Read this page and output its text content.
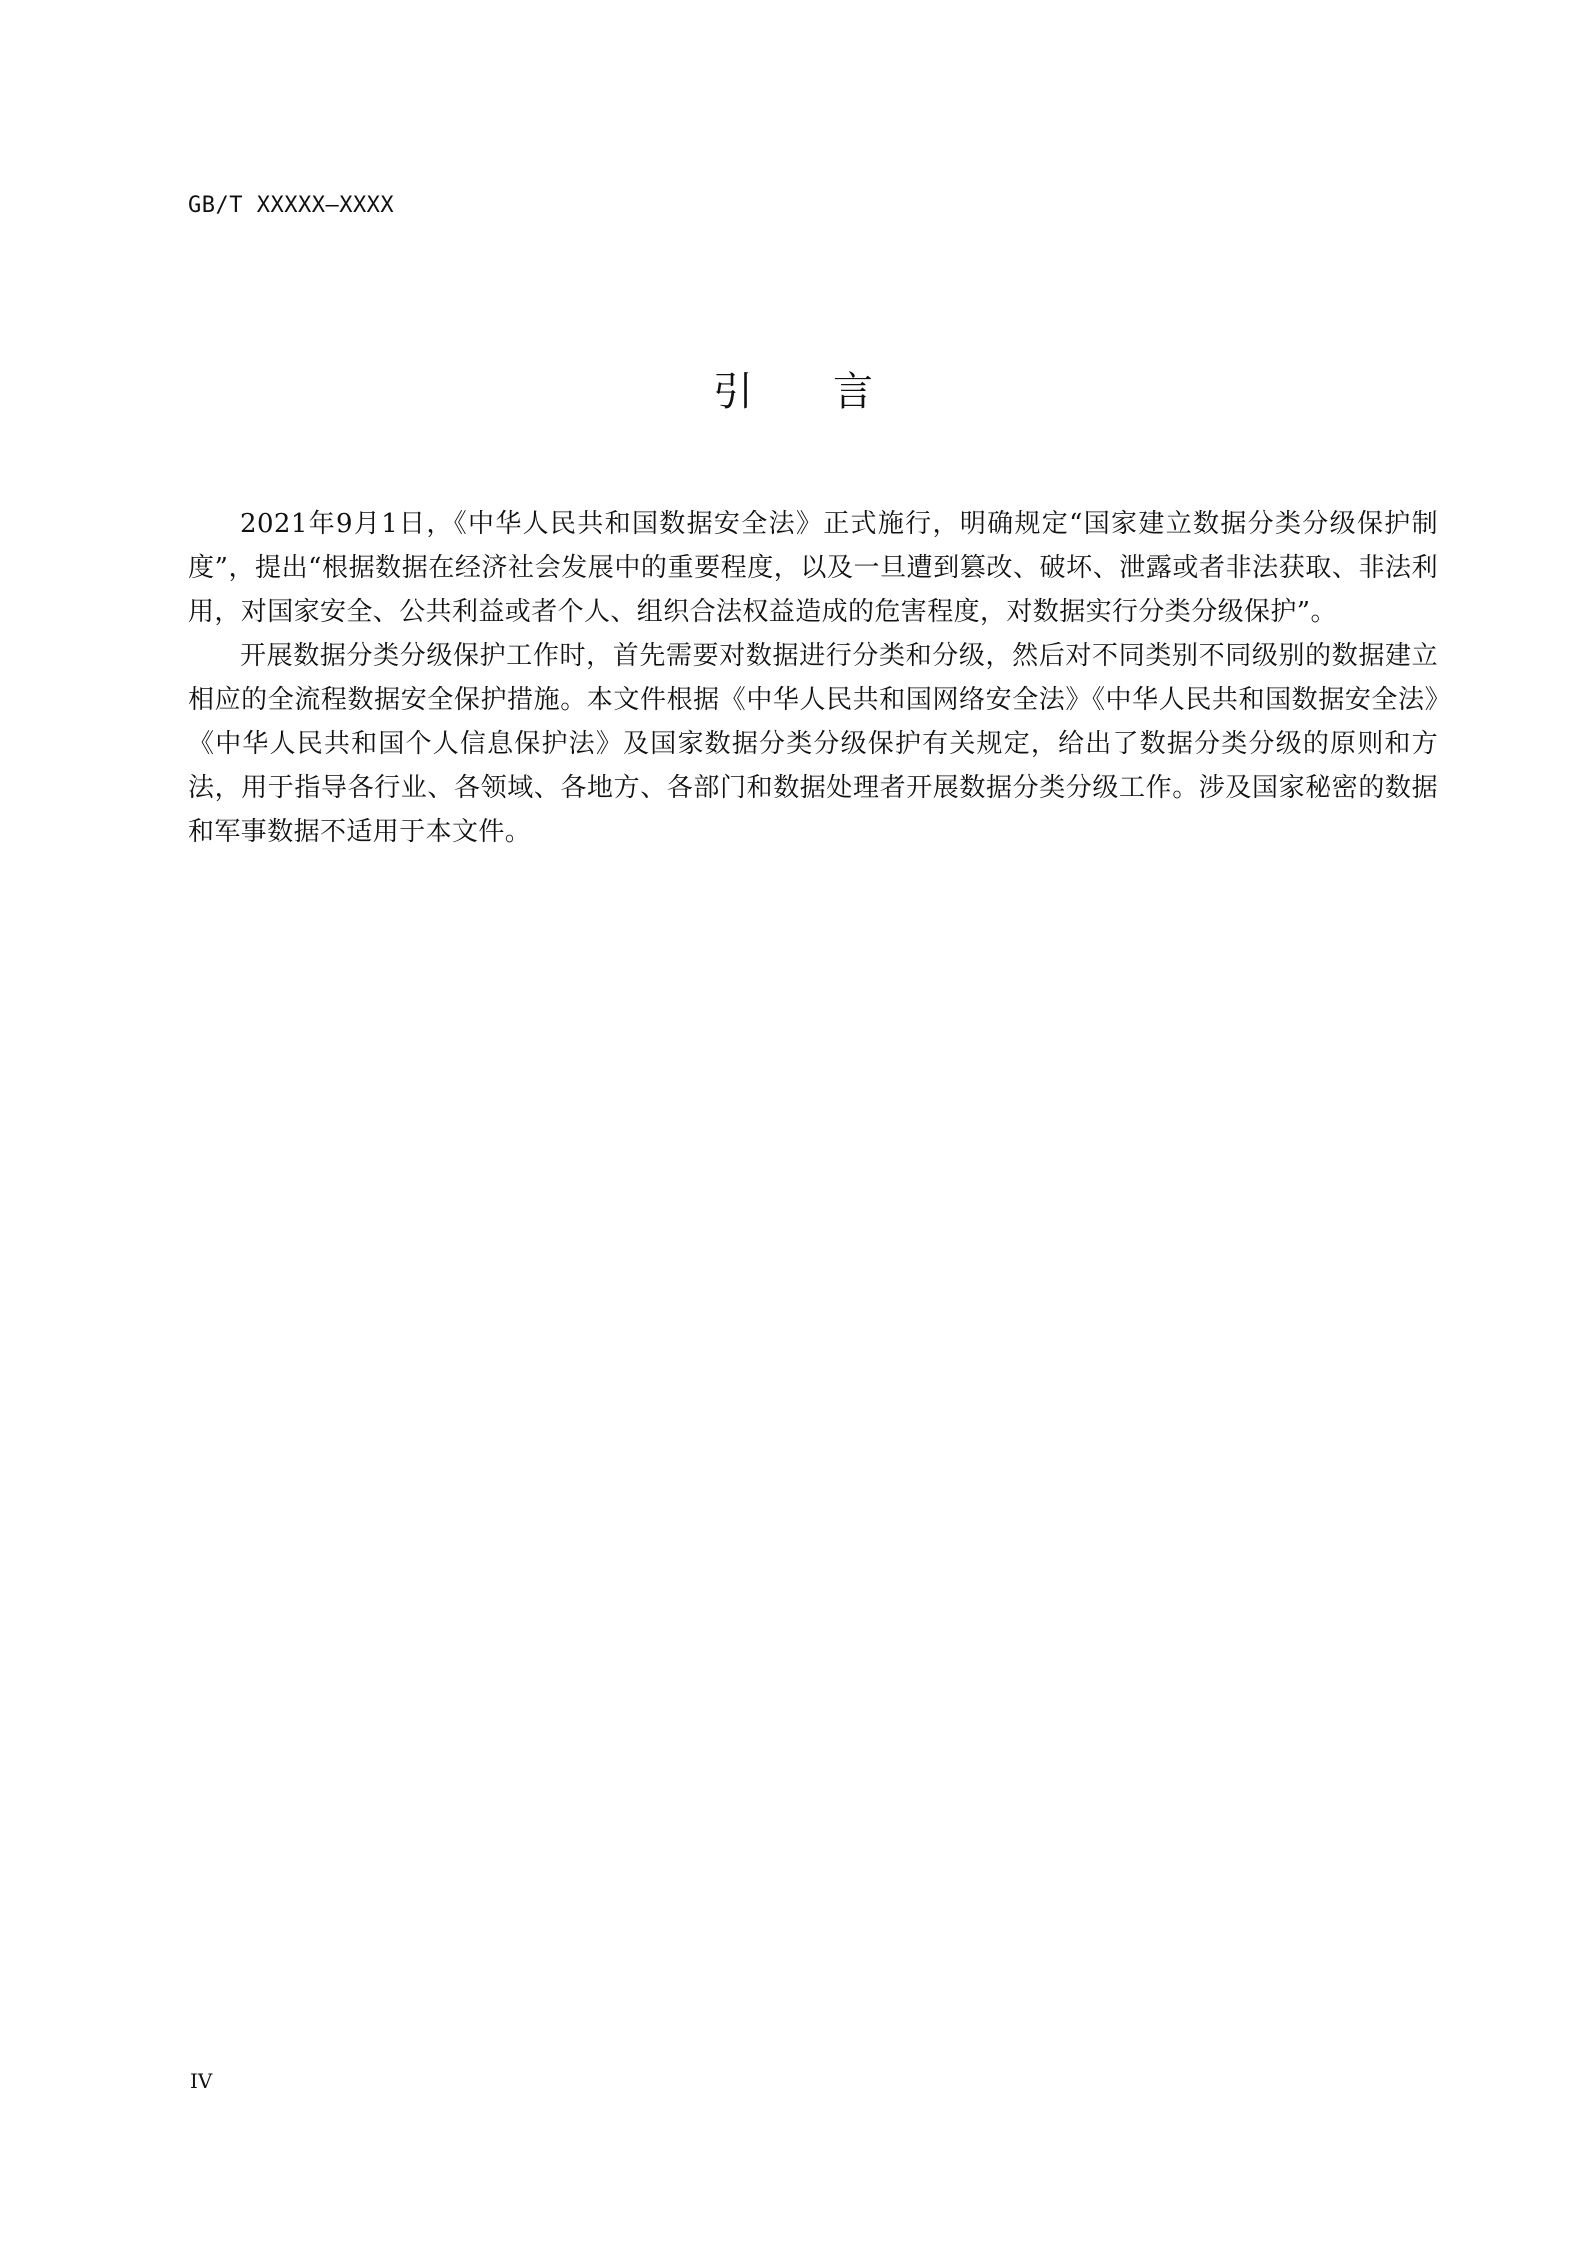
GB/T XXXXX—XXXX
引 言

2021年9月1日，《中华人民共和国数据安全法》正式施行，明确规定“国家建立数据分类分级保护制度”，提出“根据数据在经济社会发展中的重要程度，以及一旦遭到篡改、破坏、泄露或者非法获取、非法利用，对国家安全、公共利益或者个人、组织合法权益造成的危害程度，对数据实行分类分级保护”。

开展数据分类分级保护工作时，首先需要对数据进行分类和分级，然后对不同类别不同级别的数据建立相应的全流程数据安全保护措施。本文件根据《中华人民共和国网络安全法》《中华人民共和国数据安全法》《中华人民共和国个人信息保护法》及国家数据分类分级保护有关规定，给出了数据分类分级的原则和方法，用于指导各行业、各领域、各地方、各部门和数据处理者开展数据分类分级工作。涉及国家秘密的数据和军事数据不适用于本文件。

IV
